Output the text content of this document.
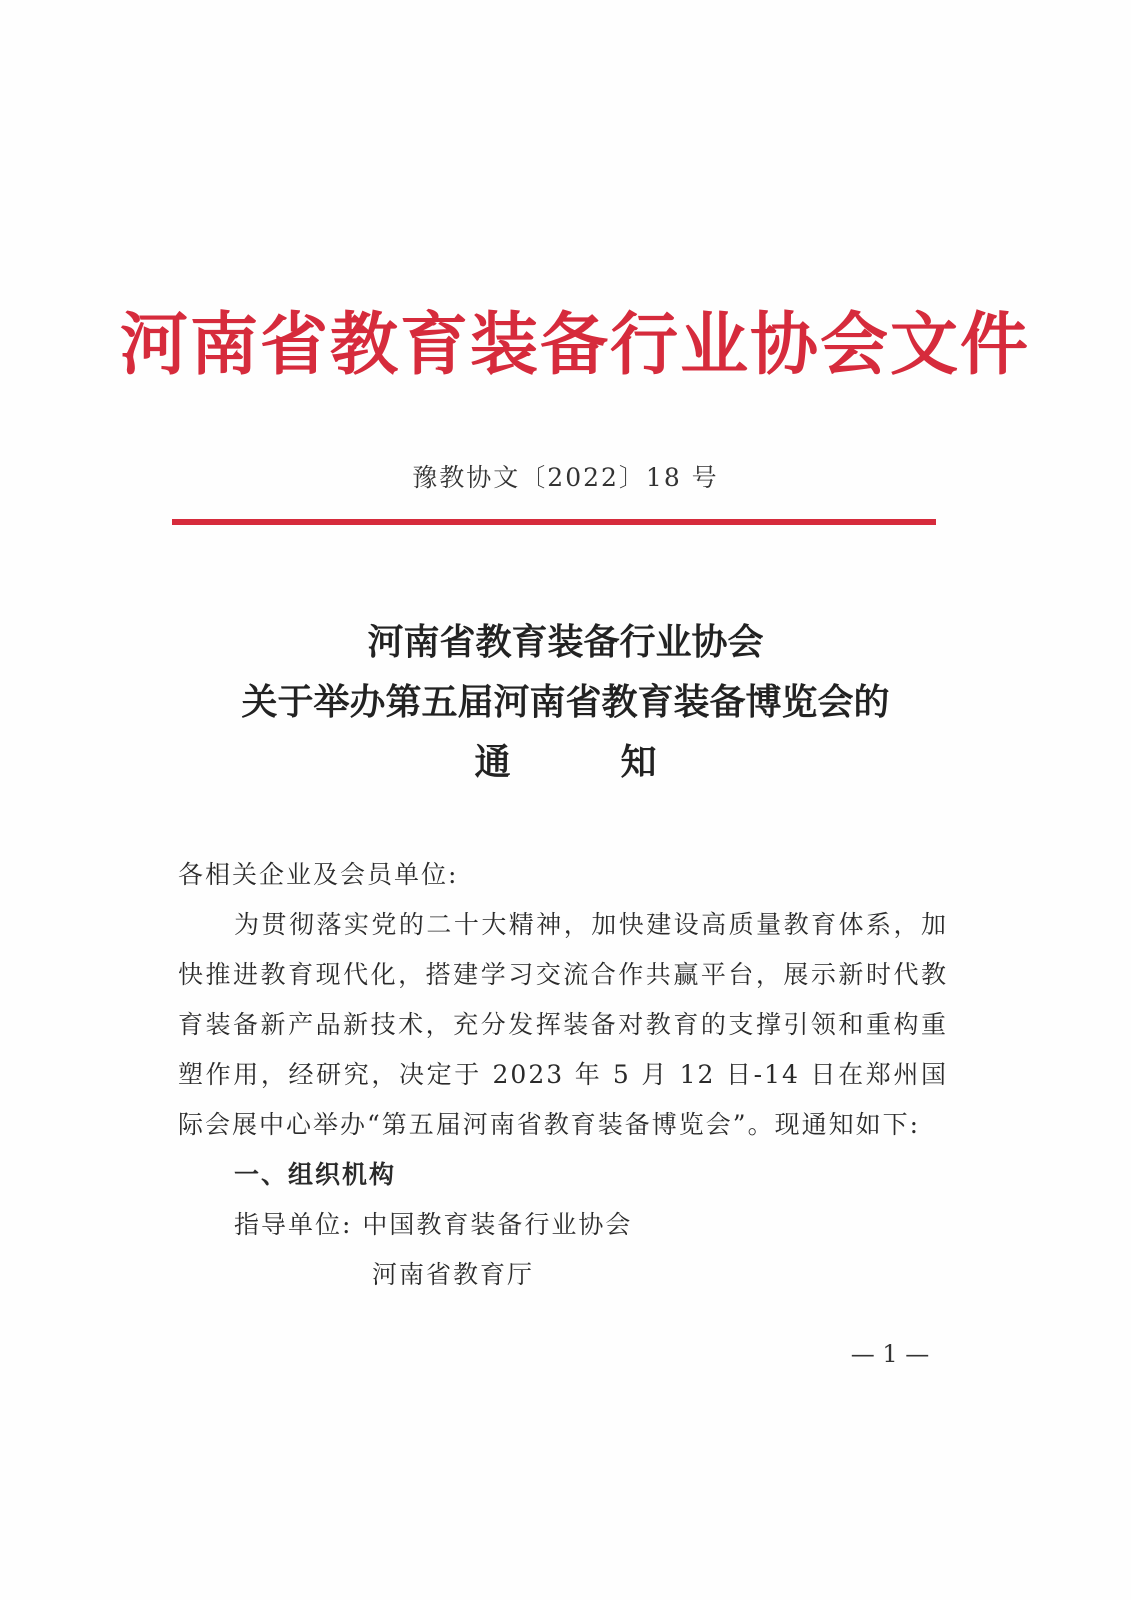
河南省教育装备行业协会文件
豫教协文〔2022〕18 号
河南省教育装备行业协会
关于举办第五届河南省教育装备博览会的
通知

各相关企业及会员单位:

为贯彻落实党的二十大精神，加快建设高质量教育体系，加快推进教育现代化，搭建学习交流合作共赢平台，展示新时代教育装备新产品新技术，充分发挥装备对教育的支撑引领和重构重塑作用，经研究，决定于 2023 年 5 月 12 日-14 日在郑州国际会展中心举办“第五届河南省教育装备博览会”。现通知如下:

一、组织机构

指导单位: 中国教育装备行业协会

河南省教育厅

— 1 —
